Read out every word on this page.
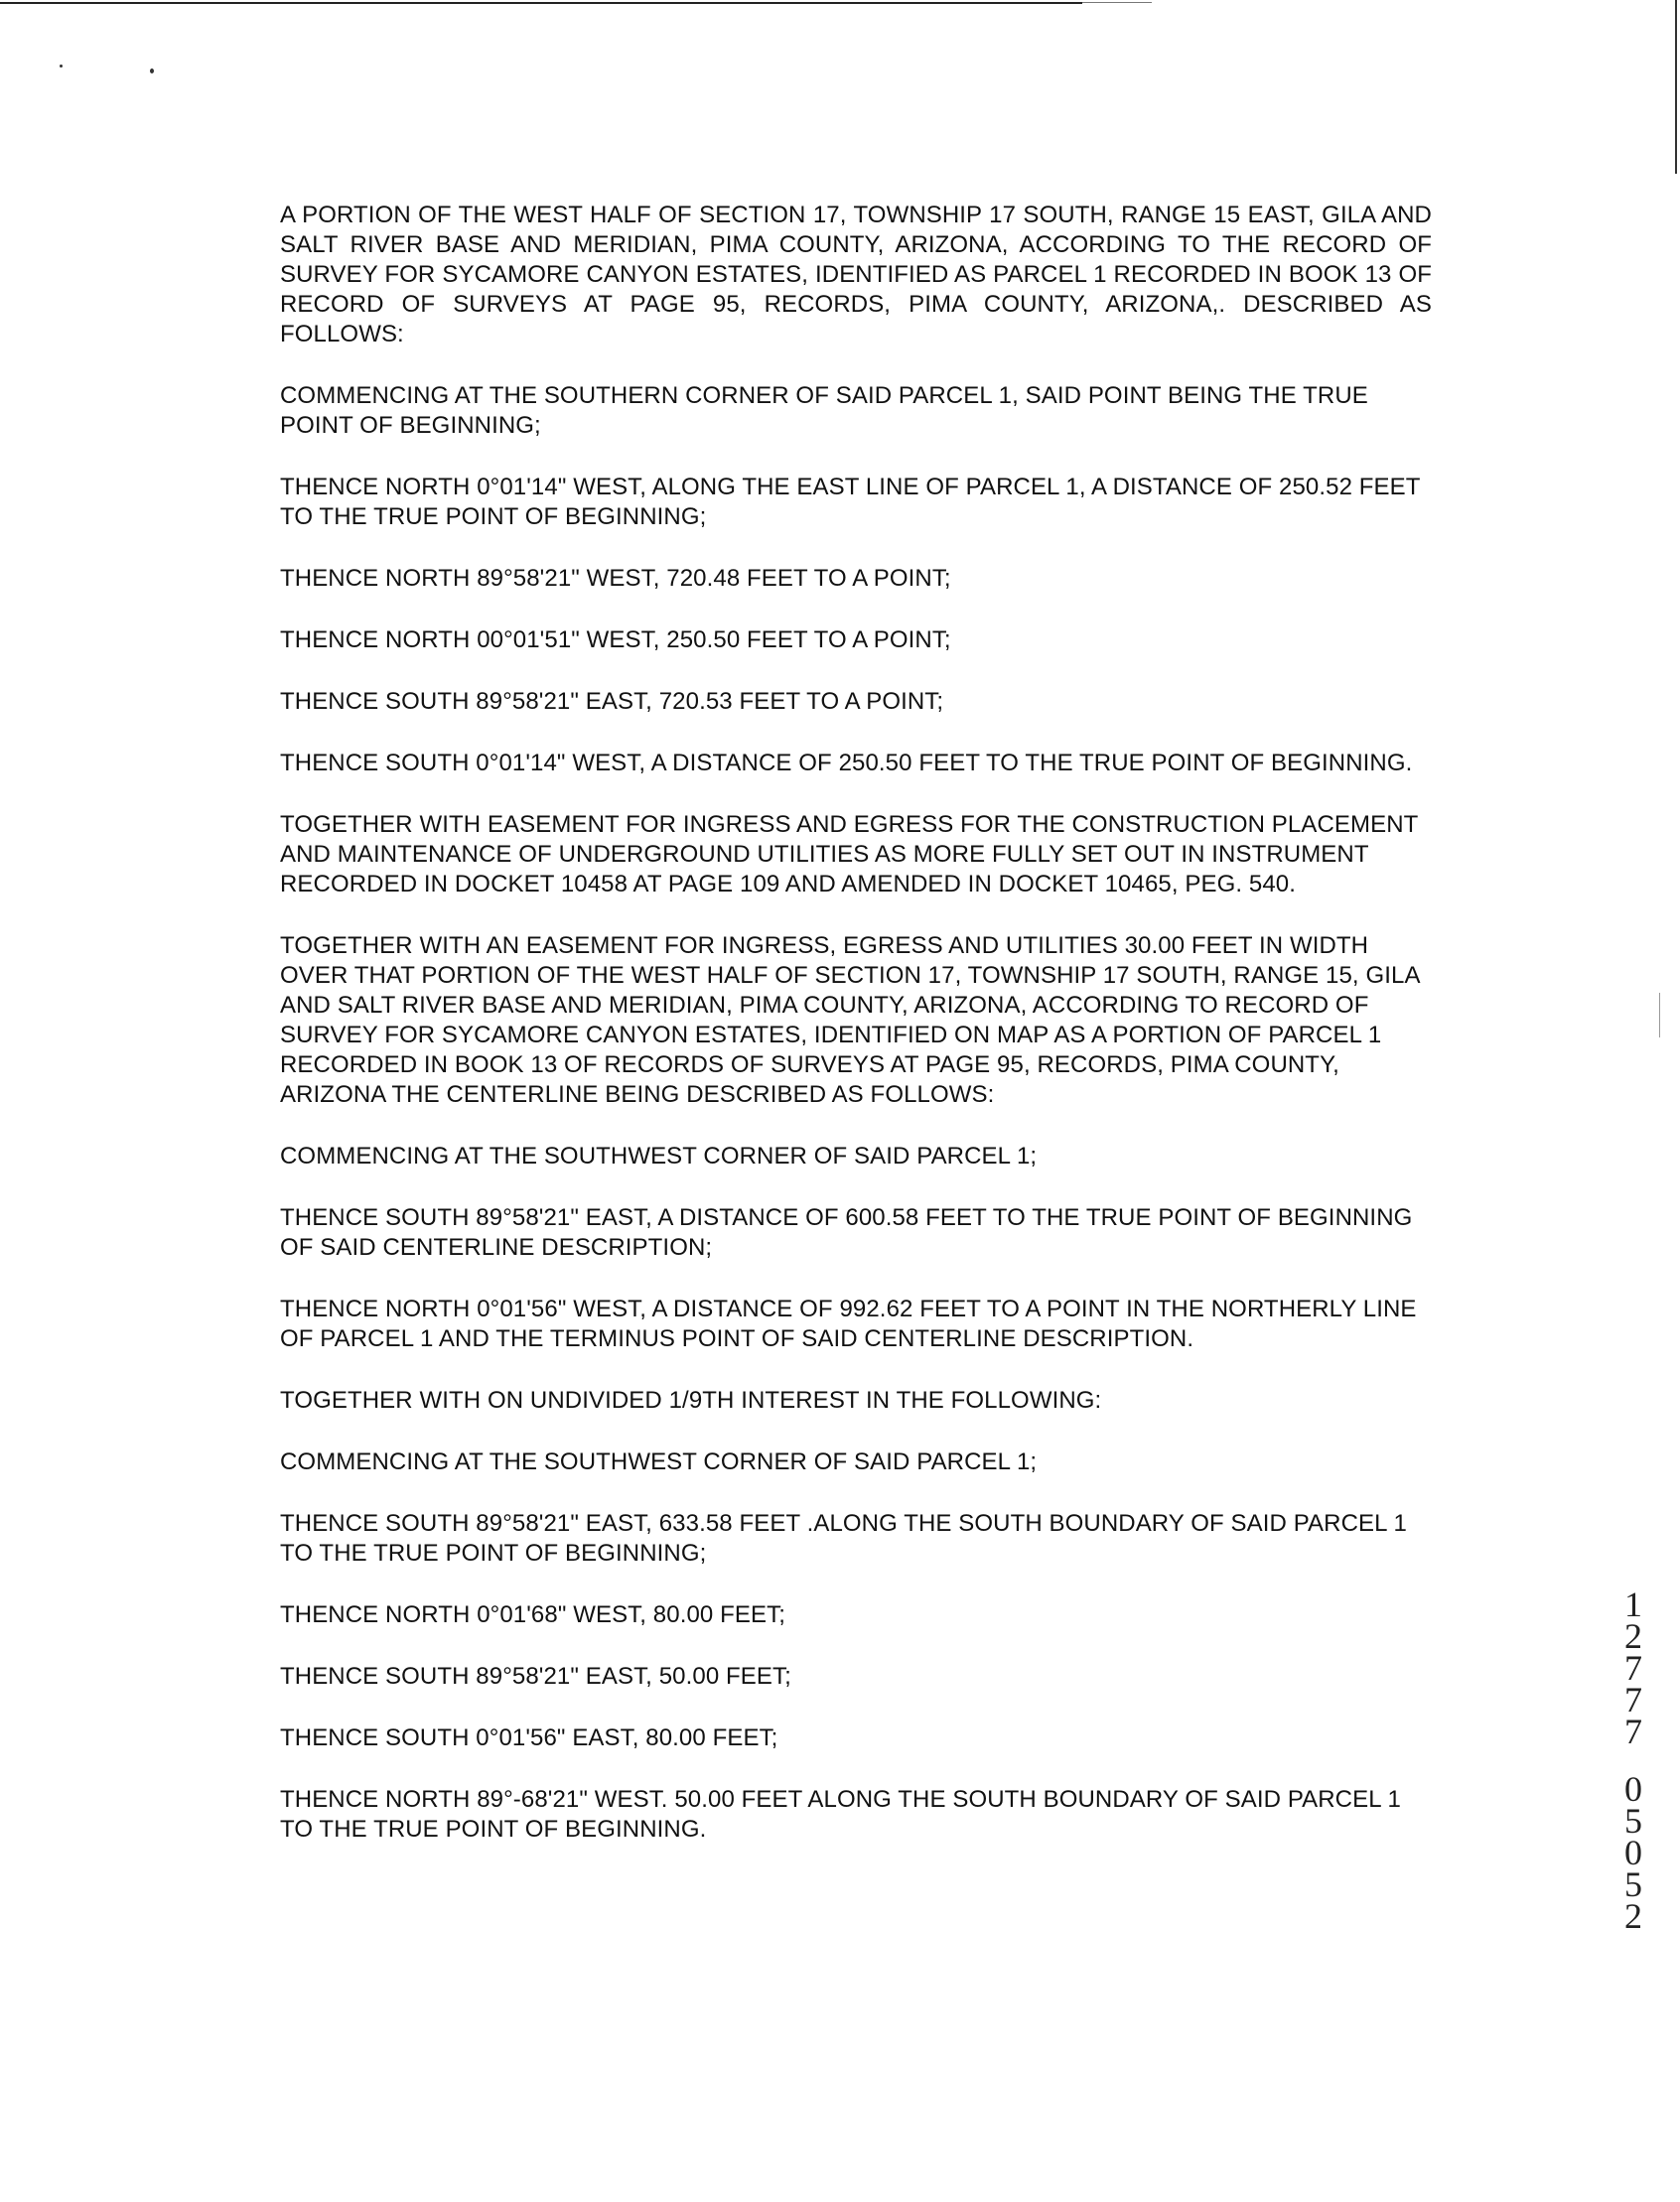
A PORTION OF THE WEST HALF OF SECTION 17, TOWNSHIP 17 SOUTH, RANGE 15 EAST, GILA AND SALT RIVER BASE AND MERIDIAN, PIMA COUNTY, ARIZONA, ACCORDING TO THE RECORD OF SURVEY FOR SYCAMORE CANYON ESTATES, IDENTIFIED AS PARCEL 1 RECORDED IN BOOK 13 OF RECORD OF SURVEYS AT PAGE 95, RECORDS, PIMA COUNTY, ARIZONA,. DESCRIBED AS FOLLOWS:

COMMENCING AT THE SOUTHERN CORNER OF SAID PARCEL 1, SAID POINT BEING THE TRUE POINT OF BEGINNING;

THENCE NORTH 0°01'14" WEST, ALONG THE EAST LINE OF PARCEL 1, A DISTANCE OF 250.52 FEET TO THE TRUE POINT OF BEGINNING;

THENCE NORTH 89°58'21" WEST, 720.48 FEET TO A POINT;

THENCE NORTH 00°01'51" WEST, 250.50 FEET TO A POINT;

THENCE SOUTH 89°58'21" EAST, 720.53 FEET TO A POINT;

THENCE SOUTH 0°01'14" WEST, A DISTANCE OF 250.50 FEET TO THE TRUE POINT OF BEGINNING.

TOGETHER WITH EASEMENT FOR INGRESS AND EGRESS FOR THE CONSTRUCTION PLACEMENT AND MAINTENANCE OF UNDERGROUND UTILITIES AS MORE FULLY SET OUT IN INSTRUMENT RECORDED IN DOCKET 10458 AT PAGE 109 AND AMENDED IN DOCKET 10465, PEG. 540.

TOGETHER WITH AN EASEMENT FOR INGRESS, EGRESS AND UTILITIES 30.00 FEET IN WIDTH OVER THAT PORTION OF THE WEST HALF OF SECTION 17, TOWNSHIP 17 SOUTH, RANGE 15, GILA AND SALT RIVER BASE AND MERIDIAN, PIMA COUNTY, ARIZONA, ACCORDING TO RECORD OF SURVEY FOR SYCAMORE CANYON ESTATES, IDENTIFIED ON MAP AS A PORTION OF PARCEL 1 RECORDED IN BOOK 13 OF RECORDS OF SURVEYS AT PAGE 95, RECORDS, PIMA COUNTY, ARIZONA THE CENTERLINE BEING DESCRIBED AS FOLLOWS:

COMMENCING AT THE SOUTHWEST CORNER OF SAID PARCEL 1;

THENCE SOUTH 89°58'21" EAST, A DISTANCE OF 600.58 FEET TO THE TRUE POINT OF BEGINNING OF SAID CENTERLINE DESCRIPTION;

THENCE NORTH 0°01'56" WEST, A DISTANCE OF 992.62 FEET TO A POINT IN THE NORTHERLY LINE OF PARCEL 1 AND THE TERMINUS POINT OF SAID CENTERLINE DESCRIPTION.

TOGETHER WITH ON UNDIVIDED 1/9TH INTEREST IN THE FOLLOWING:

COMMENCING AT THE SOUTHWEST CORNER OF SAID PARCEL 1;

THENCE SOUTH 89°58'21" EAST, 633.58 FEET .ALONG THE SOUTH BOUNDARY OF SAID PARCEL 1 TO THE TRUE POINT OF BEGINNING;

THENCE NORTH 0°01'68" WEST, 80.00 FEET;

THENCE SOUTH 89°58'21" EAST, 50.00 FEET;

THENCE SOUTH 0°01'56" EAST, 80.00 FEET;

THENCE NORTH 89°-68'21" WEST. 50.00 FEET ALONG THE SOUTH BOUNDARY OF SAID PARCEL 1 TO THE TRUE POINT OF BEGINNING.

1
2
7
7
7
0
5
0
5
2
